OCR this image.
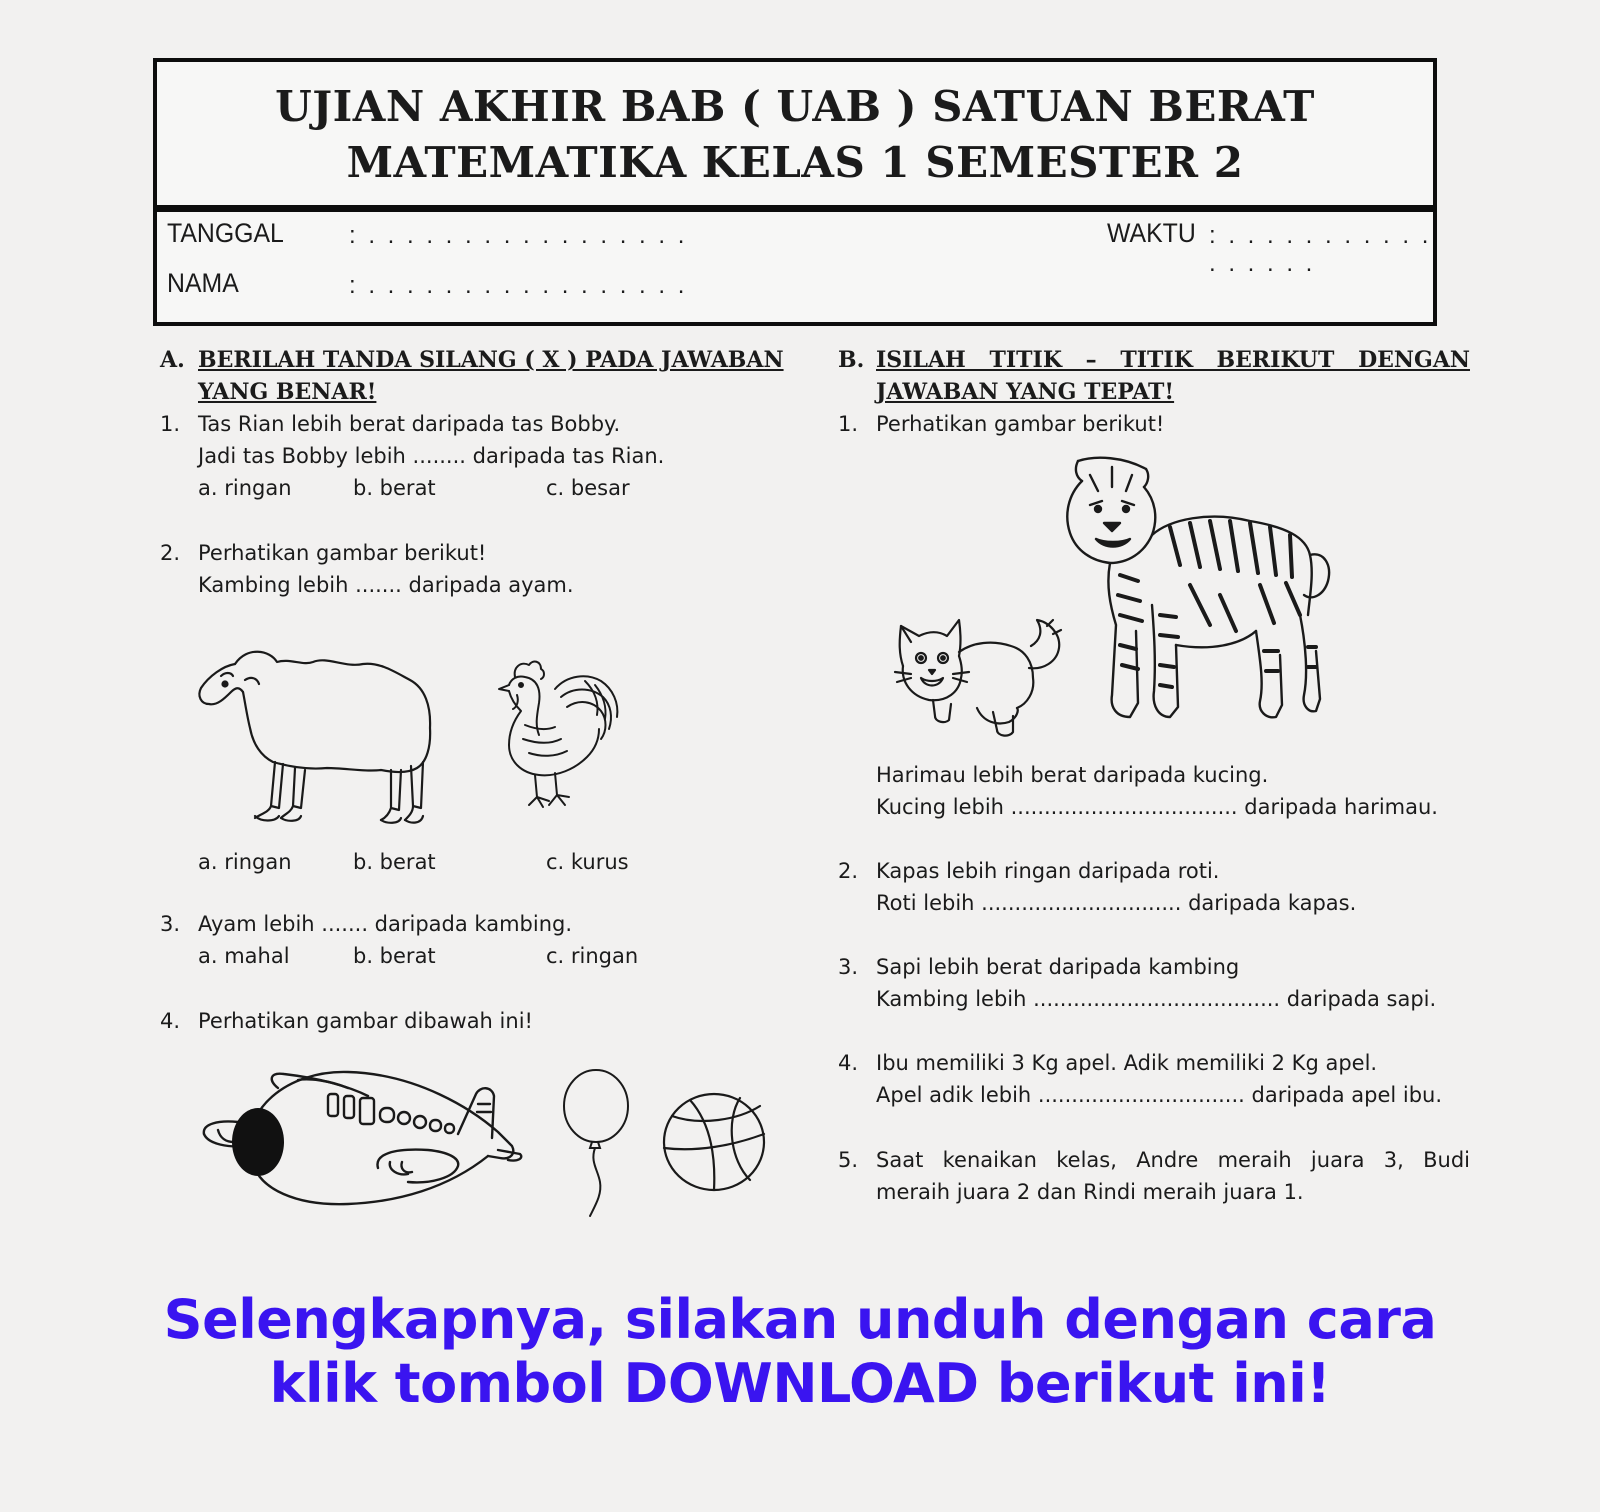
UJIAN AKHIR BAB ( UAB ) SATUAN BERAT
MATEMATIKA KELAS 1 SEMESTER 2
TANGGAL	: . . . . . . . . . . . . . . . . .	WAKTU : . . . . . . . . . . . . . . . . .
NAMA	: . . . . . . . . . . . . . . . . .
A. BERILAH TANDA SILANG ( X ) PADA JAWABAN
YANG BENAR!
1. Tas Rian lebih berat daripada tas Bobby.
Jadi tas Bobby lebih ........ daripada tas Rian.
a. ringan	b. berat	c. besar
2. Perhatikan gambar berikut!
Kambing lebih ....... daripada ayam.
a. ringan	b. berat	c. kurus
3. Ayam lebih ....... daripada kambing.
a. mahal	b. berat	c. ringan
4. Perhatikan gambar dibawah ini!
B. ISILAH TITIK – TITIK BERIKUT DENGAN
JAWABAN YANG TEPAT!
1. Perhatikan gambar berikut!
Harimau lebih berat daripada kucing.
Kucing lebih .................................. daripada harimau.
2. Kapas lebih ringan daripada roti.
Roti lebih .............................. daripada kapas.
3. Sapi lebih berat daripada kambing
Kambing lebih ..................................... daripada sapi.
4. Ibu memiliki 3 Kg apel. Adik memiliki 2 Kg apel.
Apel adik lebih ............................... daripada apel ibu.
5. Saat kenaikan kelas, Andre meraih juara 3, Budi
meraih juara 2 dan Rindi meraih juara 1.
Selengkapnya, silakan unduh dengan cara
klik tombol DOWNLOAD berikut ini!
